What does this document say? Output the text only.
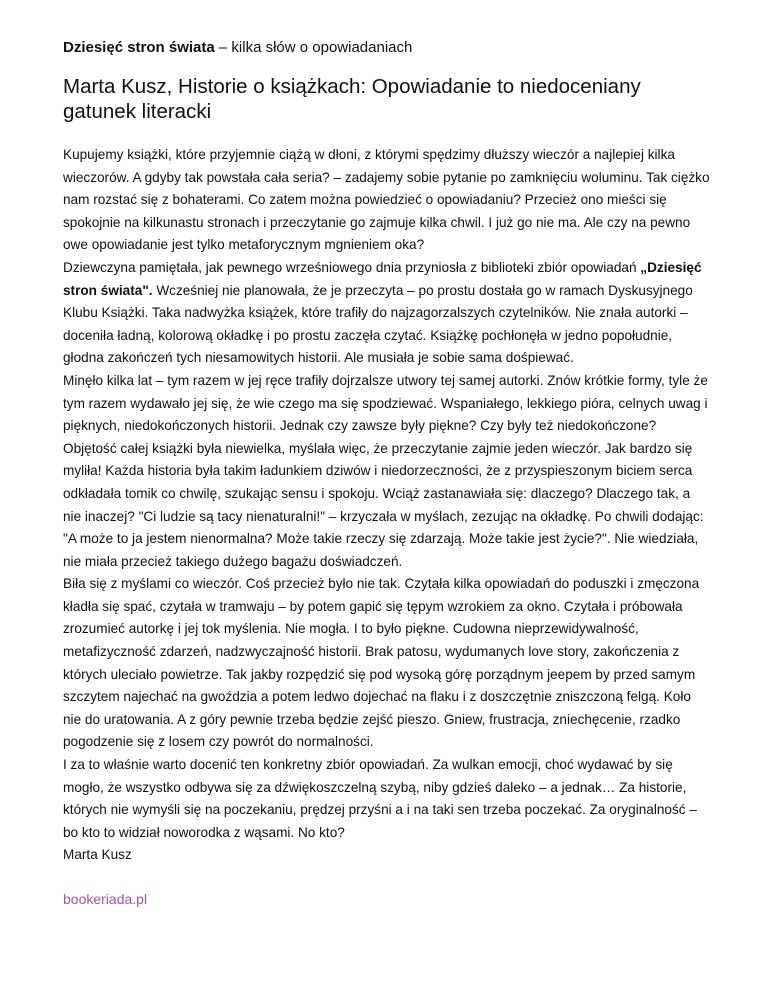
Dziesięć stron świata – kilka słów o opowiadaniach
Marta Kusz, Historie o książkach: Opowiadanie to niedoceniany gatunek literacki

Kupujemy książki, które przyjemnie ciążą w dłoni, z którymi spędzimy dłuższy wieczór a najlepiej kilka wieczorów. A gdyby tak powstała cała seria? – zadajemy sobie pytanie po zamknięciu woluminu. Tak ciężko nam rozstać się z bohaterami. Co zatem można powiedzieć o opowiadaniu? Przecież ono mieści się spokojnie na kilkunastu stronach i przeczytanie go zajmuje kilka chwil. I już go nie ma. Ale czy na pewno owe opowiadanie jest tylko metaforycznym mgnieniem oka?

Dziewczyna pamiętała, jak pewnego wrześniowego dnia przyniosła z biblioteki zbiór opowiadań „Dziesięć stron świata". Wcześniej nie planowała, że je przeczyta – po prostu dostała go w ramach Dyskusyjnego Klubu Książki. Taka nadwyżka książek, które trafiły do najzagorzalszych czytelników. Nie znała autorki – doceniła ładną, kolorową okładkę i po prostu zaczęła czytać. Książkę pochłonęła w jedno popołudnie, głodna zakończeń tych niesamowitych historii. Ale musiała je sobie sama dośpiewać.

Minęło kilka lat – tym razem w jej ręce trafiły dojrzalsze utwory tej samej autorki. Znów krótkie formy, tyle że tym razem wydawało jej się, że wie czego ma się spodziewać. Wspaniałego, lekkiego pióra, celnych uwag i pięknych, niedokończonych historii. Jednak czy zawsze były piękne? Czy były też niedokończone? Objętość całej książki była niewielka, myślała więc, że przeczytanie zajmie jeden wieczór. Jak bardzo się myliła! Każda historia była takim ładunkiem dziwów i niedorzeczności, że z przyspieszonym biciem serca odkładała tomik co chwilę, szukając sensu i spokoju. Wciąż zastanawiała się: dlaczego? Dlaczego tak, a nie inaczej? "Ci ludzie są tacy nienaturalni!" – krzyczała w myślach, zezując na okładkę. Po chwili dodając: "A może to ja jestem nienormalna? Może takie rzeczy się zdarzają. Może takie jest życie?". Nie wiedziała, nie miała przecież takiego dużego bagażu doświadczeń.

Biła się z myślami co wieczór. Coś przecież było nie tak. Czytała kilka opowiadań do poduszki i zmęczona kładła się spać, czytała w tramwaju – by potem gapić się tępym wzrokiem za okno. Czytała i próbowała zrozumieć autorkę i jej tok myślenia. Nie mogła. I to było piękne. Cudowna nieprzewidywalność, metafizyczność zdarzeń, nadzwyczajność historii. Brak patosu, wydumanych love story, zakończenia z których uleciało powietrze. Tak jakby rozpędzić się pod wysoką górę porządnym jeepem by przed samym szczytem najechać na gwoździa a potem ledwo dojechać na flaku i z doszczętnie zniszczoną felgą. Koło nie do uratowania. A z góry pewnie trzeba będzie zejść pieszo. Gniew, frustracja, zniechęcenie, rzadko pogodzenie się z losem czy powrót do normalności.

I za to właśnie warto docenić ten konkretny zbiór opowiadań. Za wulkan emocji, choć wydawać by się mogło, że wszystko odbywa się za dźwiękoszczelną szybą, niby gdzieś daleko – a jednak… Za historie, których nie wymyśli się na poczekaniu, prędzej przyśni a i na taki sen trzeba poczekać. Za oryginalność – bo kto to widział noworodka z wąsami. No kto?

Marta Kusz

bookeriada.pl
